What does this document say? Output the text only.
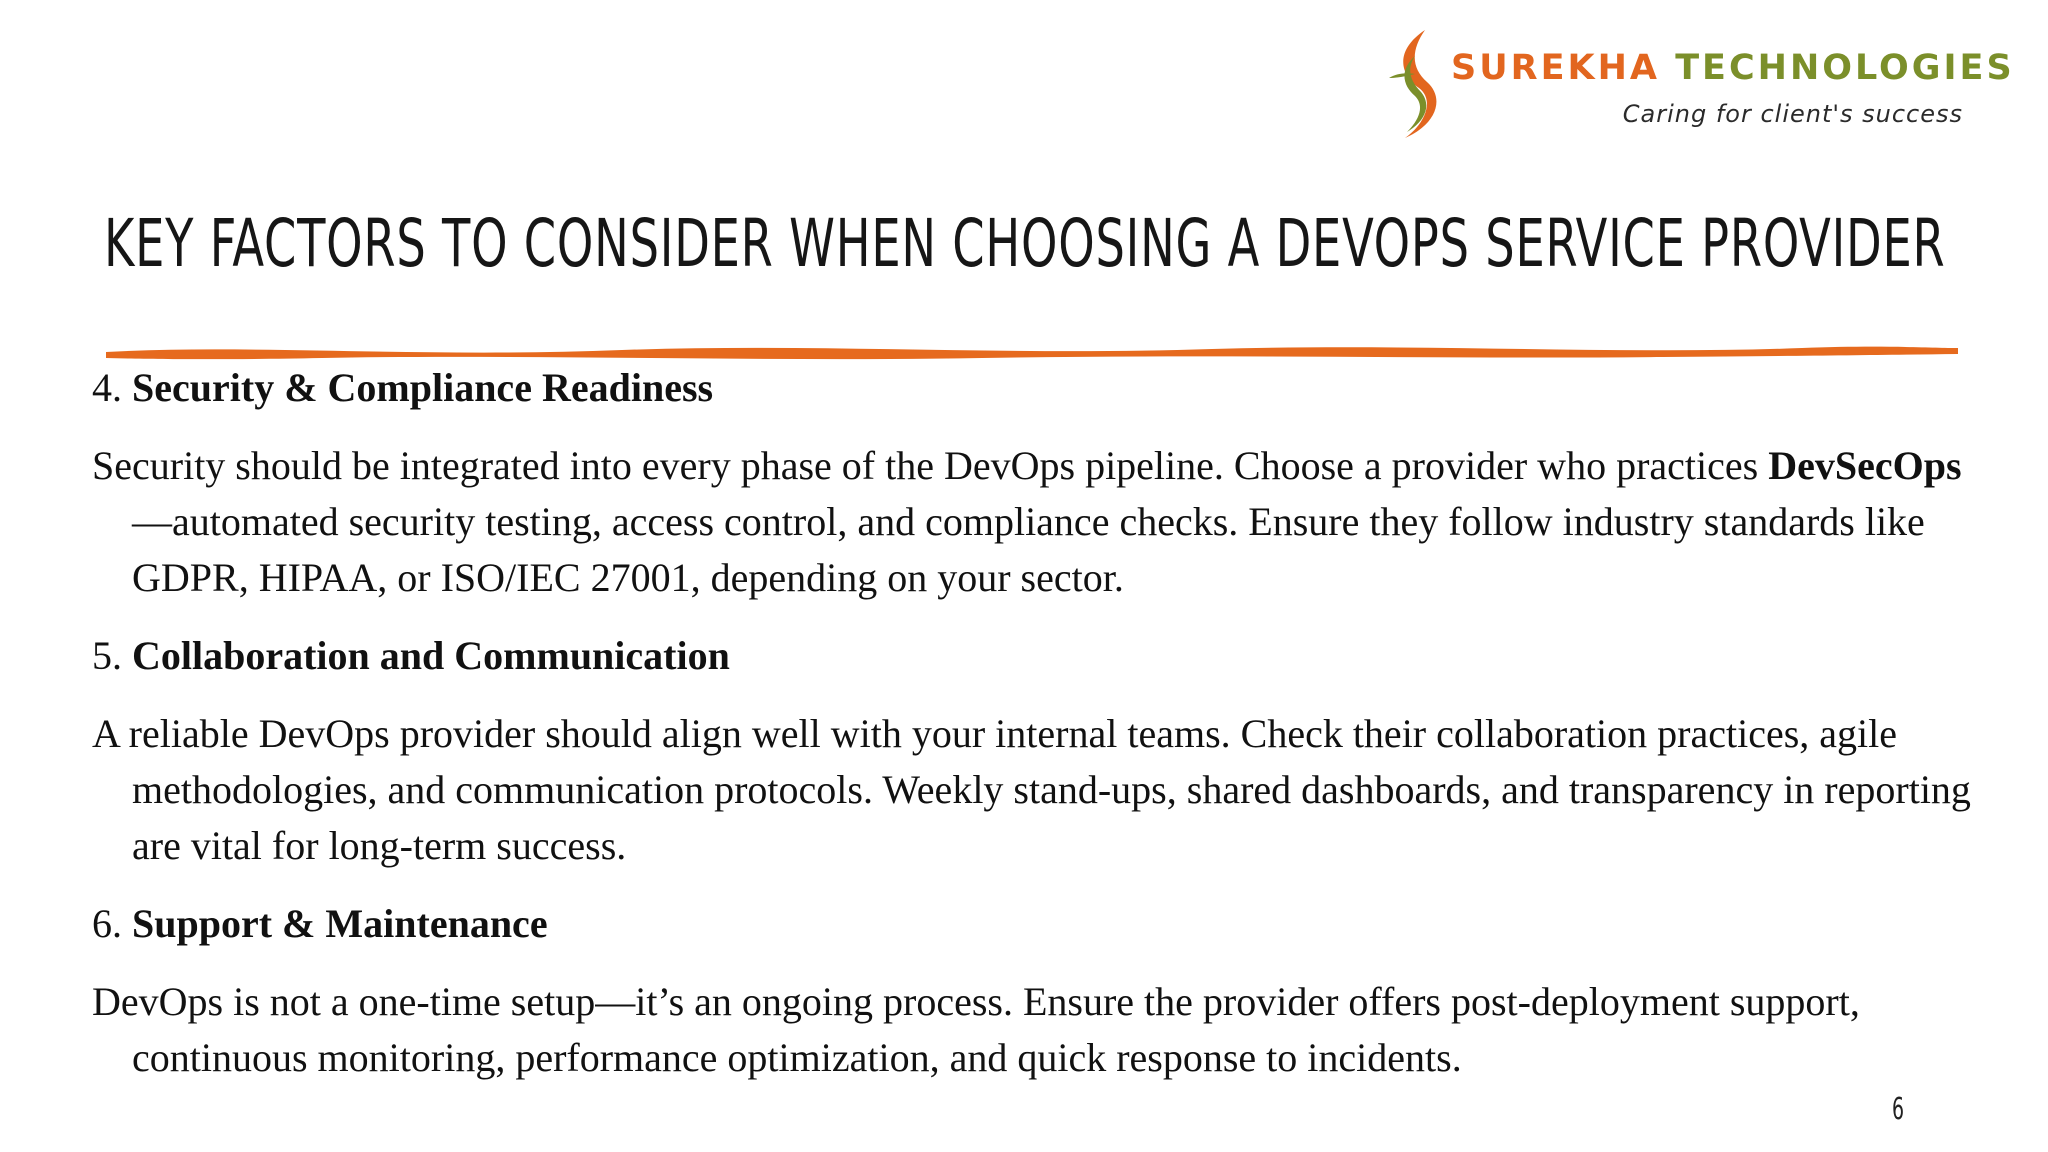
SUREKHA TECHNOLOGIES
Caring for client's success
KEY FACTORS TO CONSIDER WHEN CHOOSING A DEVOPS SERVICE PROVIDER

4. Security & Compliance Readiness

Security should be integrated into every phase of the DevOps pipeline. Choose a provider who practices DevSecOps—automated security testing, access control, and compliance checks. Ensure they follow industry standards like GDPR, HIPAA, or ISO/IEC 27001, depending on your sector.

5. Collaboration and Communication

A reliable DevOps provider should align well with your internal teams. Check their collaboration practices, agile methodologies, and communication protocols. Weekly stand-ups, shared dashboards, and transparency in reporting are vital for long-term success.

6. Support & Maintenance

DevOps is not a one-time setup—it’s an ongoing process. Ensure the provider offers post-deployment support, continuous monitoring, performance optimization, and quick response to incidents.

6
